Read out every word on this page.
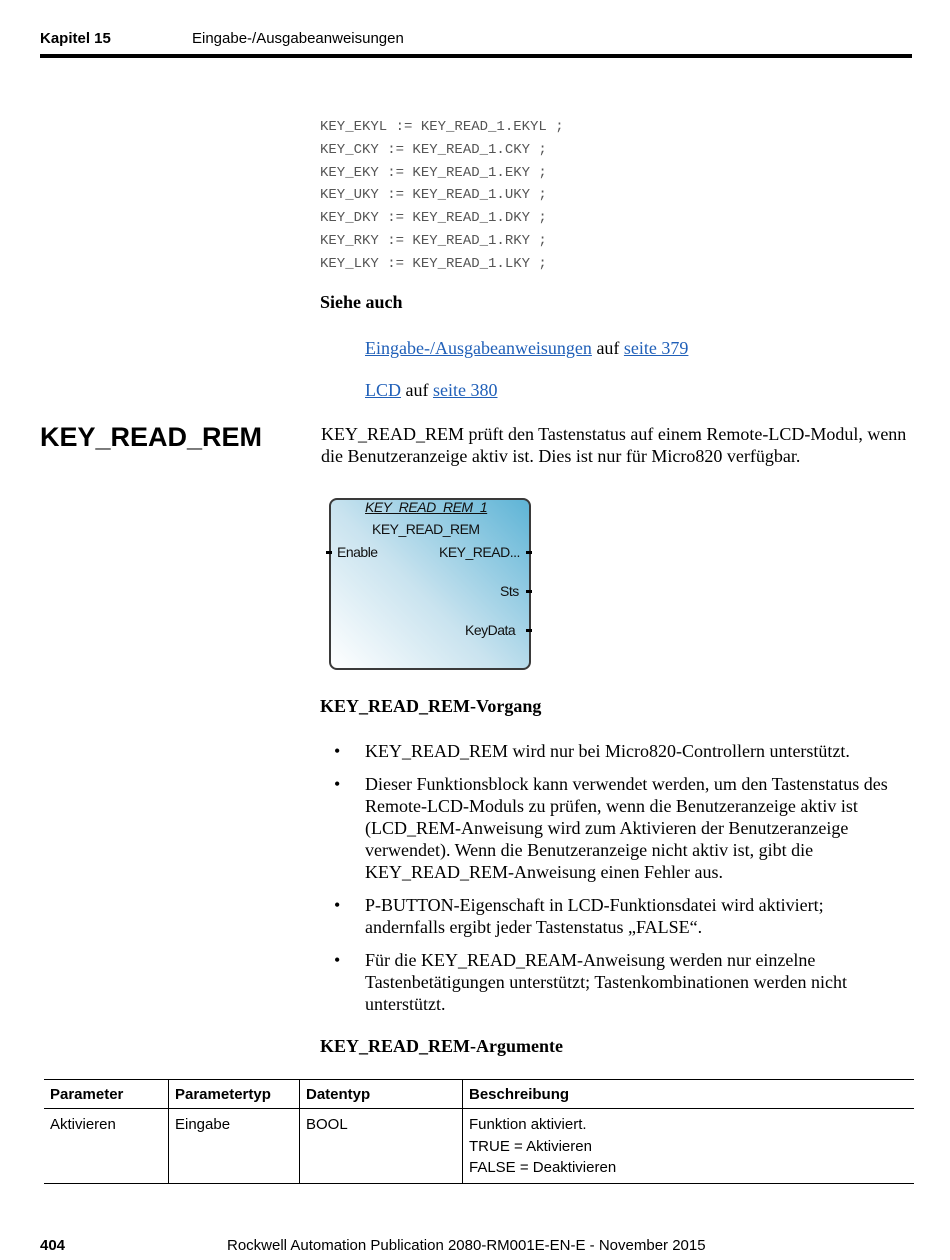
Kapitel 15	Eingabe-/Ausgabeanweisungen
KEY_EKYL := KEY_READ_1.EKYL ;
KEY_CKY := KEY_READ_1.CKY ;
KEY_EKY := KEY_READ_1.EKY ;
KEY_UKY := KEY_READ_1.UKY ;
KEY_DKY := KEY_READ_1.DKY ;
KEY_RKY := KEY_READ_1.RKY ;
KEY_LKY := KEY_READ_1.LKY ;
Siehe auch
Eingabe-/Ausgabeanweisungen auf seite 379
LCD auf seite 380
KEY_READ_REM	KEY_READ_REM prüft den Tastenstatus auf einem Remote-LCD-Modul, wenn die Benutzeranzeige aktiv ist. Dies ist nur für Micro820 verfügbar.
KEY_READ_REM_1
KEY_READ_REM
Enable	KEY_READ...
Sts
KeyData
KEY_READ_REM-Vorgang
• KEY_READ_REM wird nur bei Micro820-Controllern unterstützt.
• Dieser Funktionsblock kann verwendet werden, um den Tastenstatus des Remote-LCD-Moduls zu prüfen, wenn die Benutzeranzeige aktiv ist (LCD_REM-Anweisung wird zum Aktivieren der Benutzeranzeige verwendet). Wenn die Benutzeranzeige nicht aktiv ist, gibt die KEY_READ_REM-Anweisung einen Fehler aus.
• P-BUTTON-Eigenschaft in LCD-Funktionsdatei wird aktiviert; andernfalls ergibt jeder Tastenstatus „FALSE“.
• Für die KEY_READ_REAM-Anweisung werden nur einzelne Tastenbetätigungen unterstützt; Tastenkombinationen werden nicht unterstützt.
KEY_READ_REM-Argumente
Parameter	Parametertyp	Datentyp	Beschreibung
Aktivieren	Eingabe	BOOL	Funktion aktiviert.
TRUE = Aktivieren
FALSE = Deaktivieren
404	Rockwell Automation Publication 2080-RM001E-EN-E - November 2015
